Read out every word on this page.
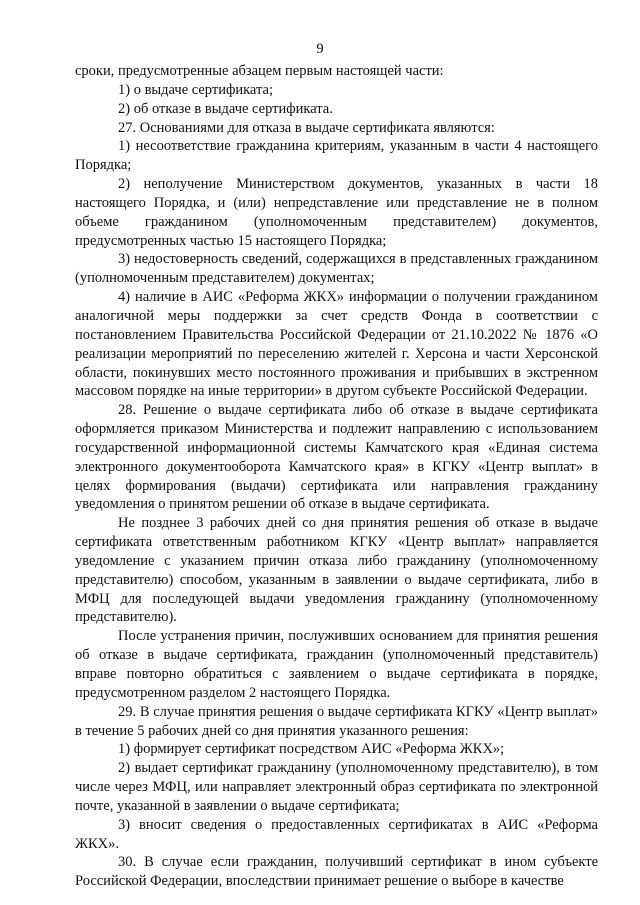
9

сроки, предусмотренные абзацем первым настоящей части:

1) о выдаче сертификата;

2) об отказе в выдаче сертификата.

27. Основаниями для отказа в выдаче сертификата являются:

1) несоответствие гражданина критериям, указанным в части 4 настоящего Порядка;

2) неполучение Министерством документов, указанных в части 18 настоящего Порядка, и (или) непредставление или представление не в полном объеме гражданином (уполномоченным представителем) документов, предусмотренных частью 15 настоящего Порядка;

3) недостоверность сведений, содержащихся в представленных гражданином (уполномоченным представителем) документах;

4) наличие в АИС «Реформа ЖКХ» информации о получении гражданином аналогичной меры поддержки за счет средств Фонда в соответствии с постановлением Правительства Российской Федерации от 21.10.2022 № 1876 «О реализации мероприятий по переселению жителей г. Херсона и части Херсонской области, покинувших место постоянного проживания и прибывших в экстренном массовом порядке на иные территории» в другом субъекте Российской Федерации.

28. Решение о выдаче сертификата либо об отказе в выдаче сертификата оформляется приказом Министерства и подлежит направлению с использованием государственной информационной системы Камчатского края «Единая система электронного документооборота Камчатского края» в КГКУ «Центр выплат» в целях формирования (выдачи) сертификата или направления гражданину уведомления о принятом решении об отказе в выдаче сертификата.

Не позднее 3 рабочих дней со дня принятия решения об отказе в выдаче сертификата ответственным работником КГКУ «Центр выплат» направляется уведомление с указанием причин отказа либо гражданину (уполномоченному представителю) способом, указанным в заявлении о выдаче сертификата, либо в МФЦ для последующей выдачи уведомления гражданину (уполномоченному представителю).

После устранения причин, послуживших основанием для принятия решения об отказе в выдаче сертификата, гражданин (уполномоченный представитель) вправе повторно обратиться с заявлением о выдаче сертификата в порядке, предусмотренном разделом 2 настоящего Порядка.

29. В случае принятия решения о выдаче сертификата КГКУ «Центр выплат» в течение 5 рабочих дней со дня принятия указанного решения:

1) формирует сертификат посредством АИС «Реформа ЖКХ»;

2) выдает сертификат гражданину (уполномоченному представителю), в том числе через МФЦ, или направляет электронный образ сертификата по электронной почте, указанной в заявлении о выдаче сертификата;

3) вносит сведения о предоставленных сертификатах в АИС «Реформа ЖКХ».

30. В случае если гражданин, получивший сертификат в ином субъекте Российской Федерации, впоследствии принимает решение о выборе в качестве
